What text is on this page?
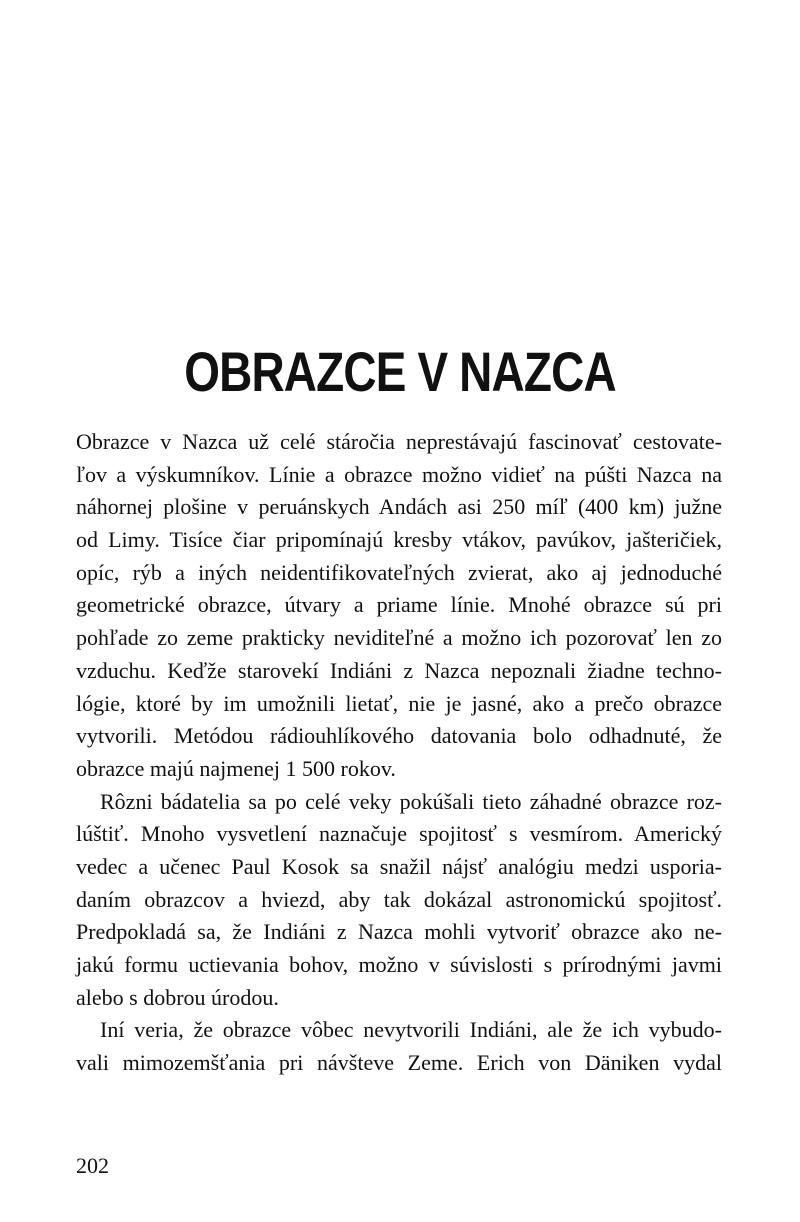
OBRAZCE V NAZCA
Obrazce v Nazca už celé stáročia neprestávajú fascinovať cestovate-
ľov a výskumníkov. Línie a obrazce možno vidieť na púšti Nazca na
náhornej plošine v peruánskych Andách asi 250 míľ (400 km) južne
od Limy. Tisíce čiar pripomínajú kresby vtákov, pavúkov, jašteričiek,
opíc, rýb a iných neidentifikovateľných zvierat, ako aj jednoduché
geometrické obrazce, útvary a priame línie. Mnohé obrazce sú pri
pohľade zo zeme prakticky neviditeľné a možno ich pozorovať len zo
vzduchu. Keďže starovekí Indiáni z Nazca nepoznali žiadne techno-
lógie, ktoré by im umožnili lietať, nie je jasné, ako a prečo obrazce
vytvorili. Metódou rádiouhlíkového datovania bolo odhadnuté, že
obrazce majú najmenej 1 500 rokov.
Rôzni bádatelia sa po celé veky pokúšali tieto záhadné obrazce roz-
lúštiť. Mnoho vysvetlení naznačuje spojitosť s vesmírom. Americký
vedec a učenec Paul Kosok sa snažil nájsť analógiu medzi usporia-
daním obrazcov a hviezd, aby tak dokázal astronomickú spojitosť.
Predpokladá sa, že Indiáni z Nazca mohli vytvoriť obrazce ako ne-
jakú formu uctievania bohov, možno v súvislosti s prírodnými javmi
alebo s dobrou úrodou.
Iní veria, že obrazce vôbec nevytvorili Indiáni, ale že ich vybudo-
vali mimozemšťania pri návšteve Zeme. Erich von Däniken vydal
202
